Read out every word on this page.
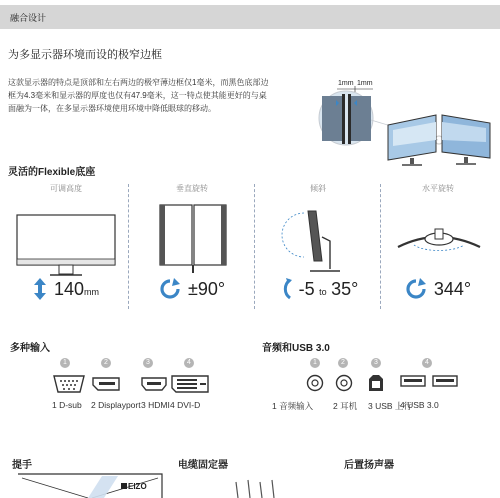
融合设计
为多显示器环境而设的极窄边框
这款显示器的特点是顶部和左右两边的极窄薄边框仅1毫米，而黑色底部边
框为4.3毫米和显示器的厚度也仅有47.9毫米，这一特点使其能更好的与桌
面融为一体，在多显示器环境使用环境中降低眼球的移动。
1mm 1mm
灵活的Flexible底座
可调高度
140mm
垂直旋转
±90°
倾斜
-5 to 35°
水平旋转
344°
多种输入
1
1 D-sub
2
2 Displayport
3
3 HDMI
4
4 DVI-D
音频和USB 3.0
1
1 音频输入
2
2 耳机
3
3 USB 上行
4
4 USB 3.0
提手	电缆固定器	后置扬声器
EIZO
